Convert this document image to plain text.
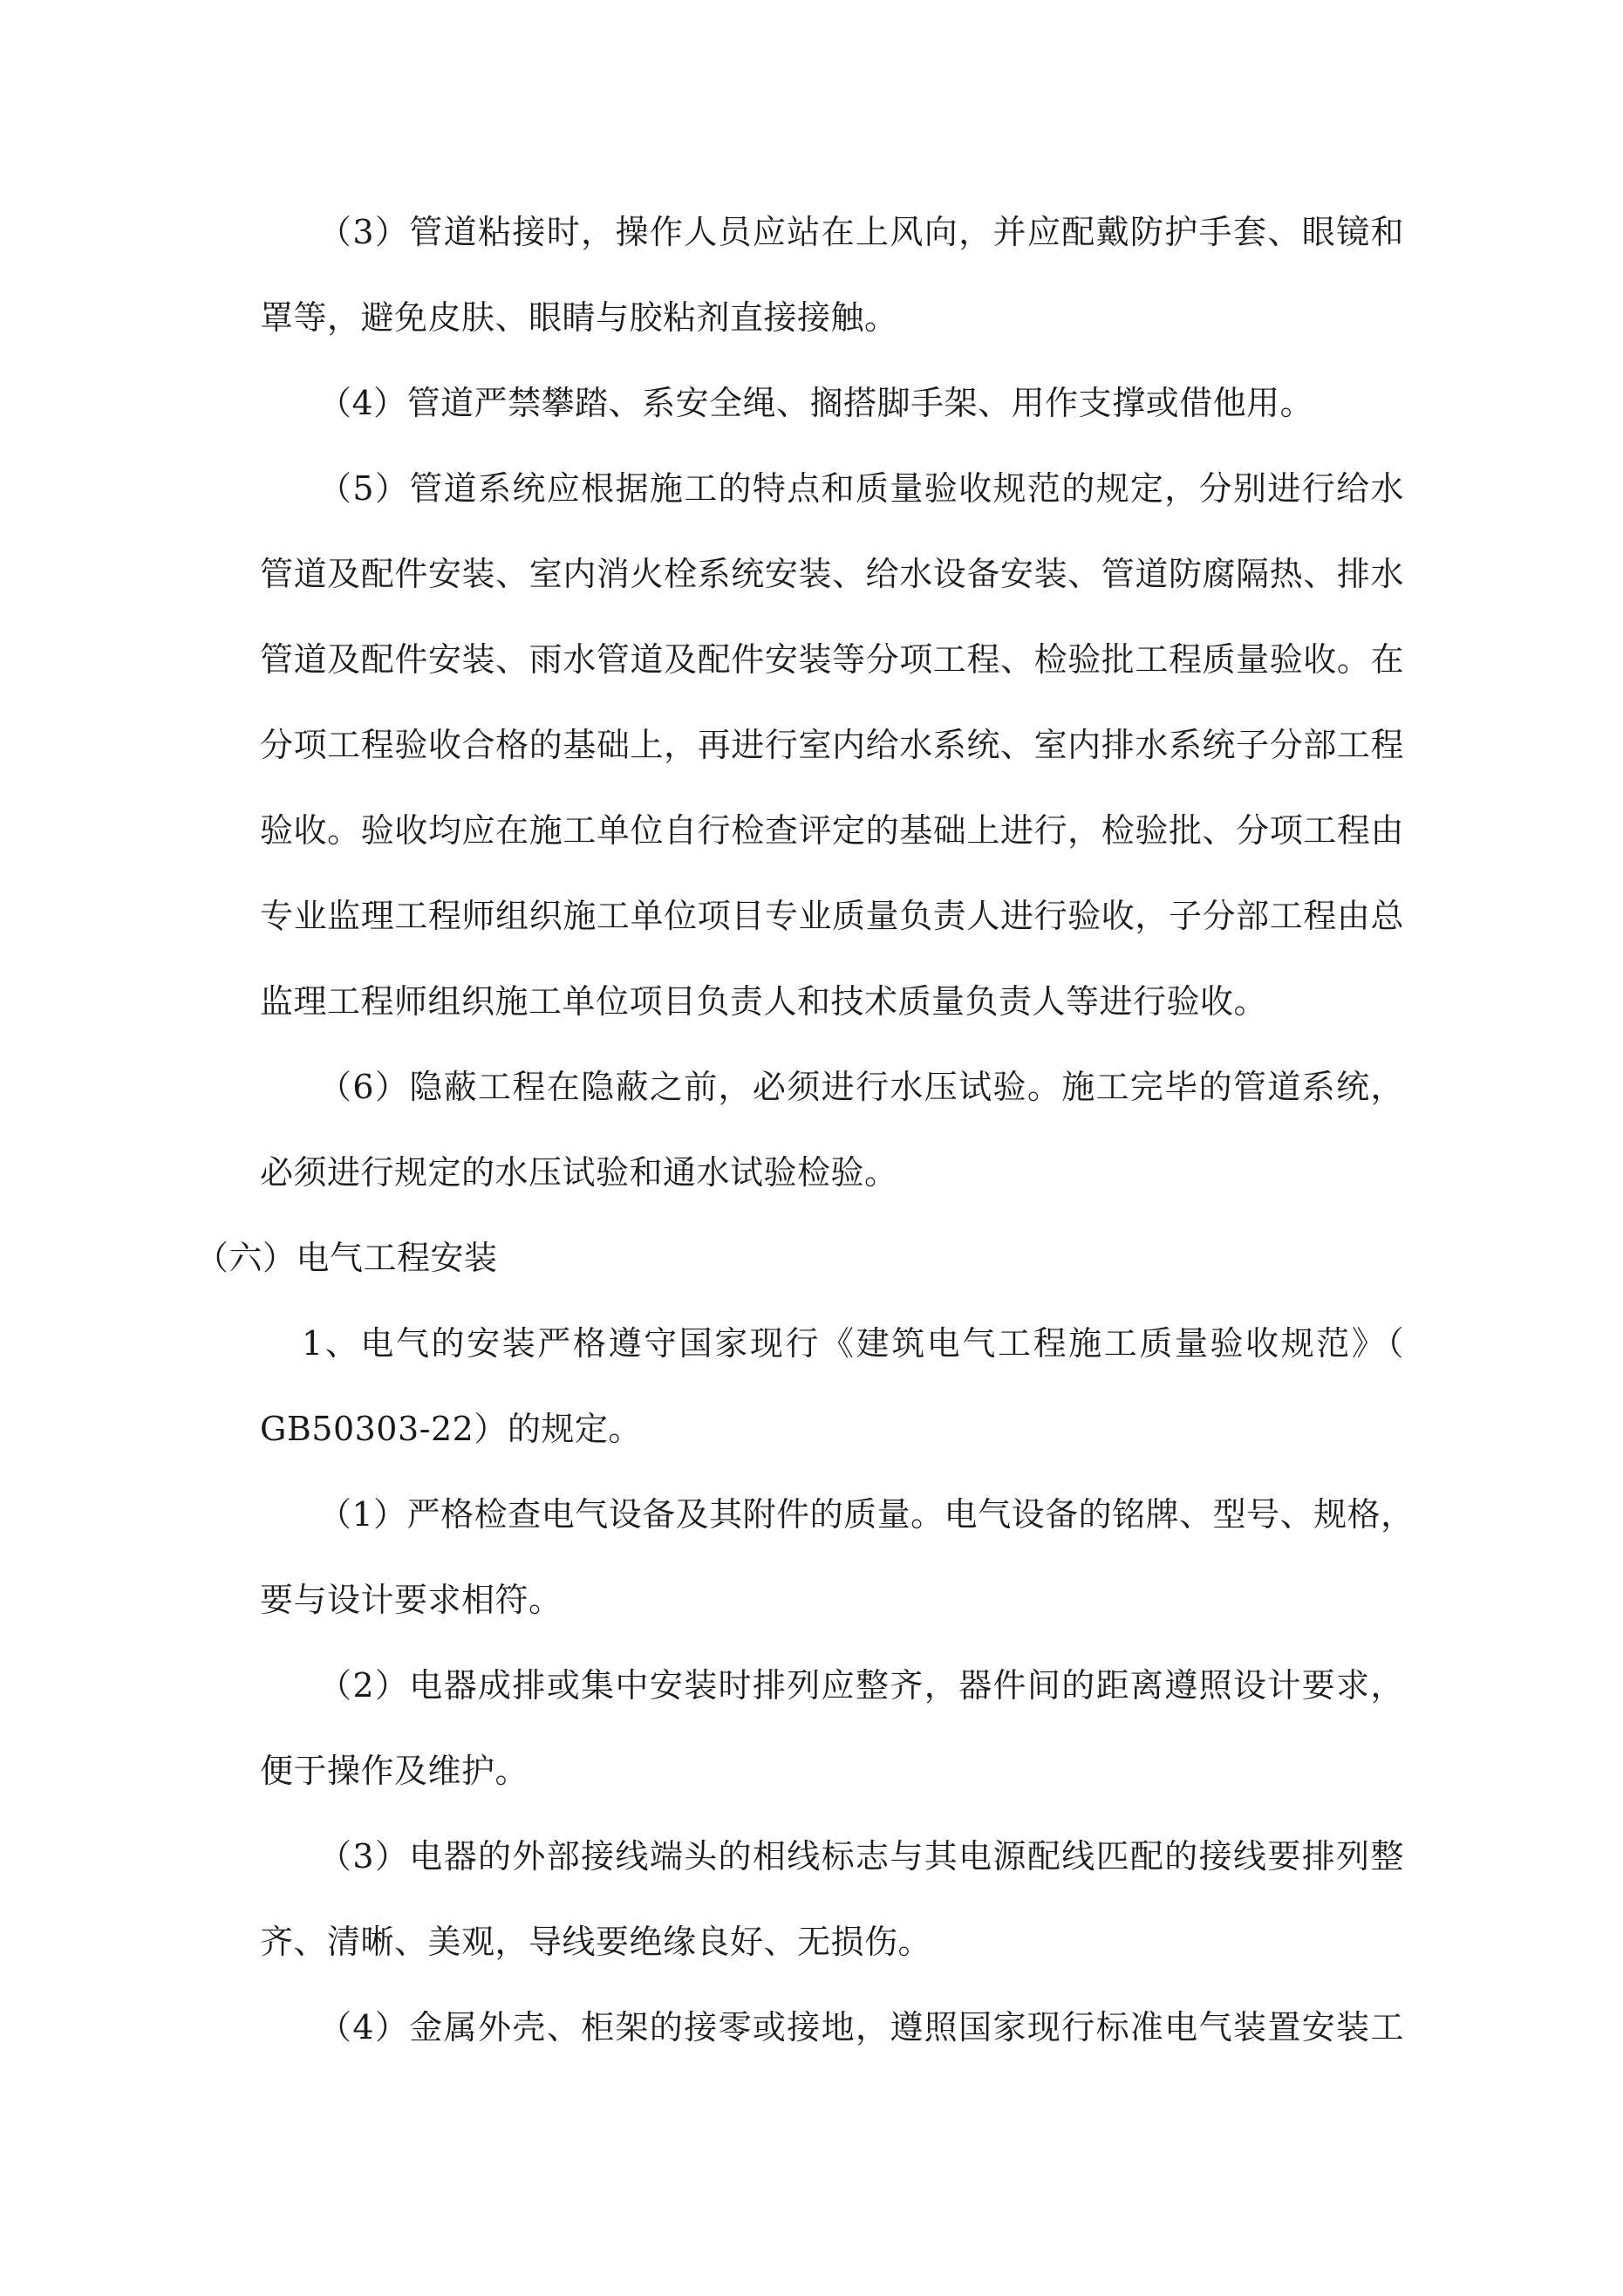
（3）管道粘接时，操作人员应站在上风向，并应配戴防护手套、眼镜和
罩等，避免皮肤、眼睛与胶粘剂直接接触。
（4）管道严禁攀踏、系安全绳、搁搭脚手架、用作支撑或借他用。
（5）管道系统应根据施工的特点和质量验收规范的规定，分别进行给水
管道及配件安装、室内消火栓系统安装、给水设备安装、管道防腐隔热、排水
管道及配件安装、雨水管道及配件安装等分项工程、检验批工程质量验收。在
分项工程验收合格的基础上，再进行室内给水系统、室内排水系统子分部工程
验收。验收均应在施工单位自行检查评定的基础上进行，检验批、分项工程由
专业监理工程师组织施工单位项目专业质量负责人进行验收，子分部工程由总
监理工程师组织施工单位项目负责人和技术质量负责人等进行验收。
（6）隐蔽工程在隐蔽之前，必须进行水压试验。施工完毕的管道系统，
必须进行规定的水压试验和通水试验检验。
（六）电气工程安装
1、电气的安装严格遵守国家现行《建筑电气工程施工质量验收规范》（
GB50303-22）的规定。
（1）严格检查电气设备及其附件的质量。电气设备的铭牌、型号、规格，
要与设计要求相符。
（2）电器成排或集中安装时排列应整齐，器件间的距离遵照设计要求，
便于操作及维护。
（3）电器的外部接线端头的相线标志与其电源配线匹配的接线要排列整
齐、清晰、美观，导线要绝缘良好、无损伤。
（4）金属外壳、柜架的接零或接地，遵照国家现行标准电气装置安装工
